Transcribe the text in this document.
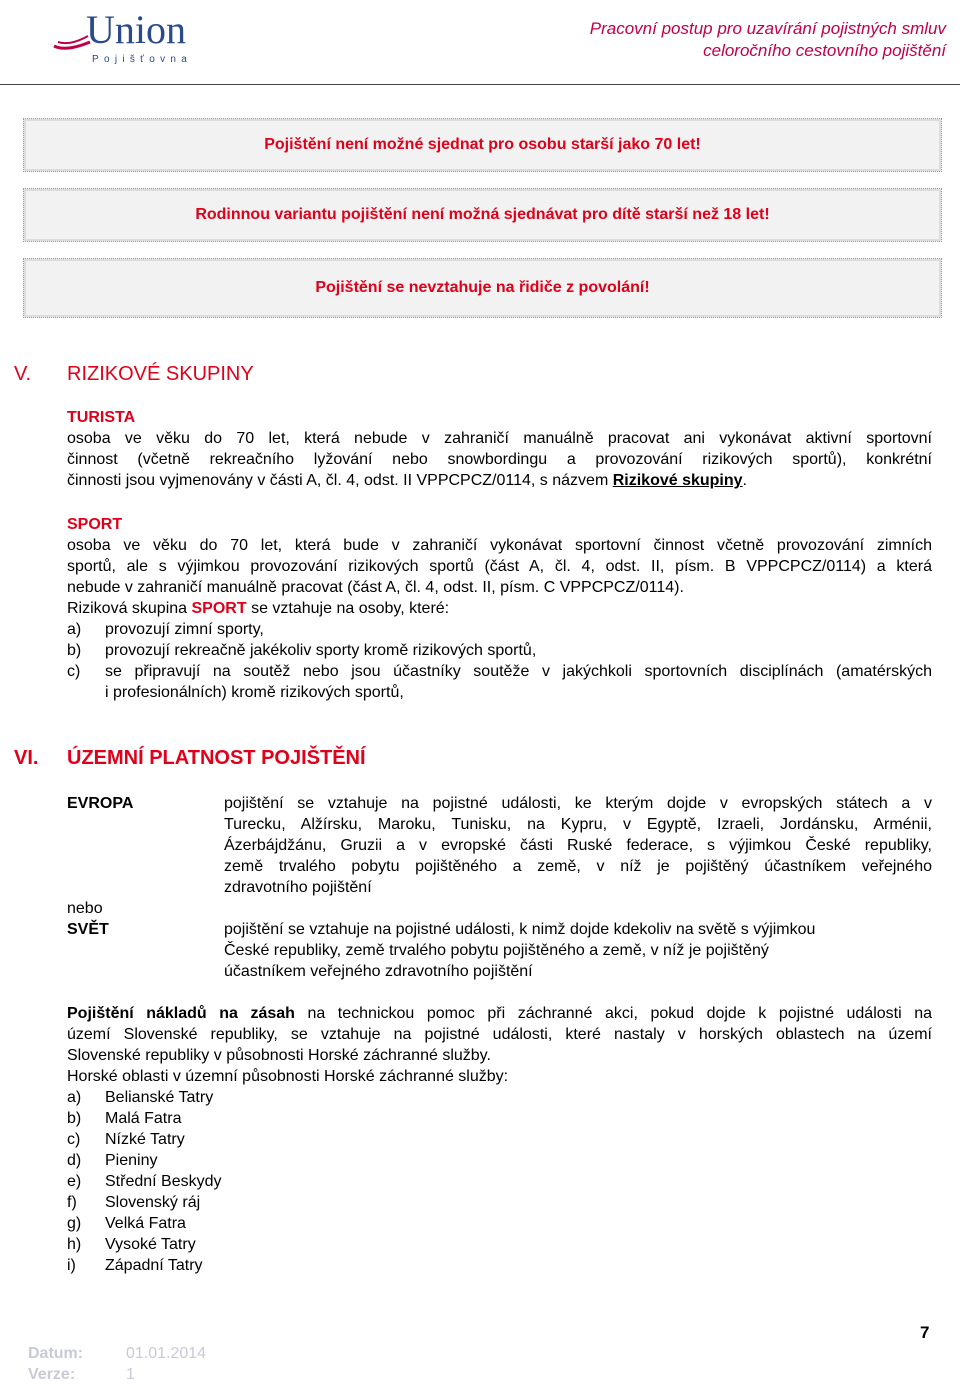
Union
Pojišťovna
Pracovní postup pro uzavírání pojistných smluv
celoročního cestovního pojištění
Pojištění není možné sjednat pro osobu starší jako 70 let!
Rodinnou variantu pojištění není možná sjednávat pro dítě starší než 18 let!
Pojištění se nevztahuje na řidiče z povolání!
V. RIZIKOVÉ SKUPINY

TURISTA

osoba ve věku do 70 let, která nebude v zahraničí manuálně pracovat ani vykonávat aktivní sportovní

činnost (včetně rekreačního lyžování nebo snowbordingu a provozování rizikových sportů), konkrétní

činnosti jsou vyjmenovány v části A, čl. 4, odst. II VPPCPCZ/0114, s názvem Rizikové skupiny.

SPORT

osoba ve věku do 70 let, která bude v zahraničí vykonávat sportovní činnost včetně provozování zimních

sportů, ale s výjimkou provozování rizikových sportů (část A, čl. 4, odst. II, písm. B VPPCPCZ/0114) a která

nebude v zahraničí manuálně pracovat (část A, čl. 4, odst. II, písm. C VPPCPCZ/0114).

Riziková skupina SPORT se vztahuje na osoby, které:

a)	provozují zimní sporty,
b)	provozují rekreačně jakékoliv sporty kromě rizikových sportů,
c)	se připravují na soutěž nebo jsou účastníky soutěže v jakýchkoli sportovních disciplínách (amatérských
i profesionálních) kromě rizikových sportů,
VI. ÚZEMNÍ PLATNOST POJIŠTĚNÍ
EVROPA	pojištění se vztahuje na pojistné události, ke kterým dojde v evropských státech a v
Turecku, Alžírsku, Maroku, Tunisku, na Kypru, v Egyptě, Izraeli, Jordánsku, Arménii,
Ázerbájdžánu, Gruzii a v evropské části Ruské federace, s výjimkou České republiky,
země trvalého pobytu pojištěného a země, v níž je pojištěný účastníkem veřejného
zdravotního pojištění
nebo
SVĚT	pojištění se vztahuje na pojistné události, k nimž dojde kdekoliv na světě s výjimkou
České republiky, země trvalého pobytu pojištěného a země, v níž je pojištěný
účastníkem veřejného zdravotního pojištění

Pojištění nákladů na zásah na technickou pomoc při záchranné akci, pokud dojde k pojistné události na

území Slovenské republiky, se vztahuje na pojistné události, které nastaly v horských oblastech na území

Slovenské republiky v působnosti Horské záchranné služby.

Horské oblasti v územní působnosti Horské záchranné služby:

a)	Belianské Tatry
b)	Malá Fatra
c)	Nízké Tatry
d)	Pieniny
e)	Střední Beskydy
f)	Slovenský ráj
g)	Velká Fatra
h)	Vysoké Tatry
i)	Západní Tatry
Datum:	01.01.2014
Verze:	1
7
